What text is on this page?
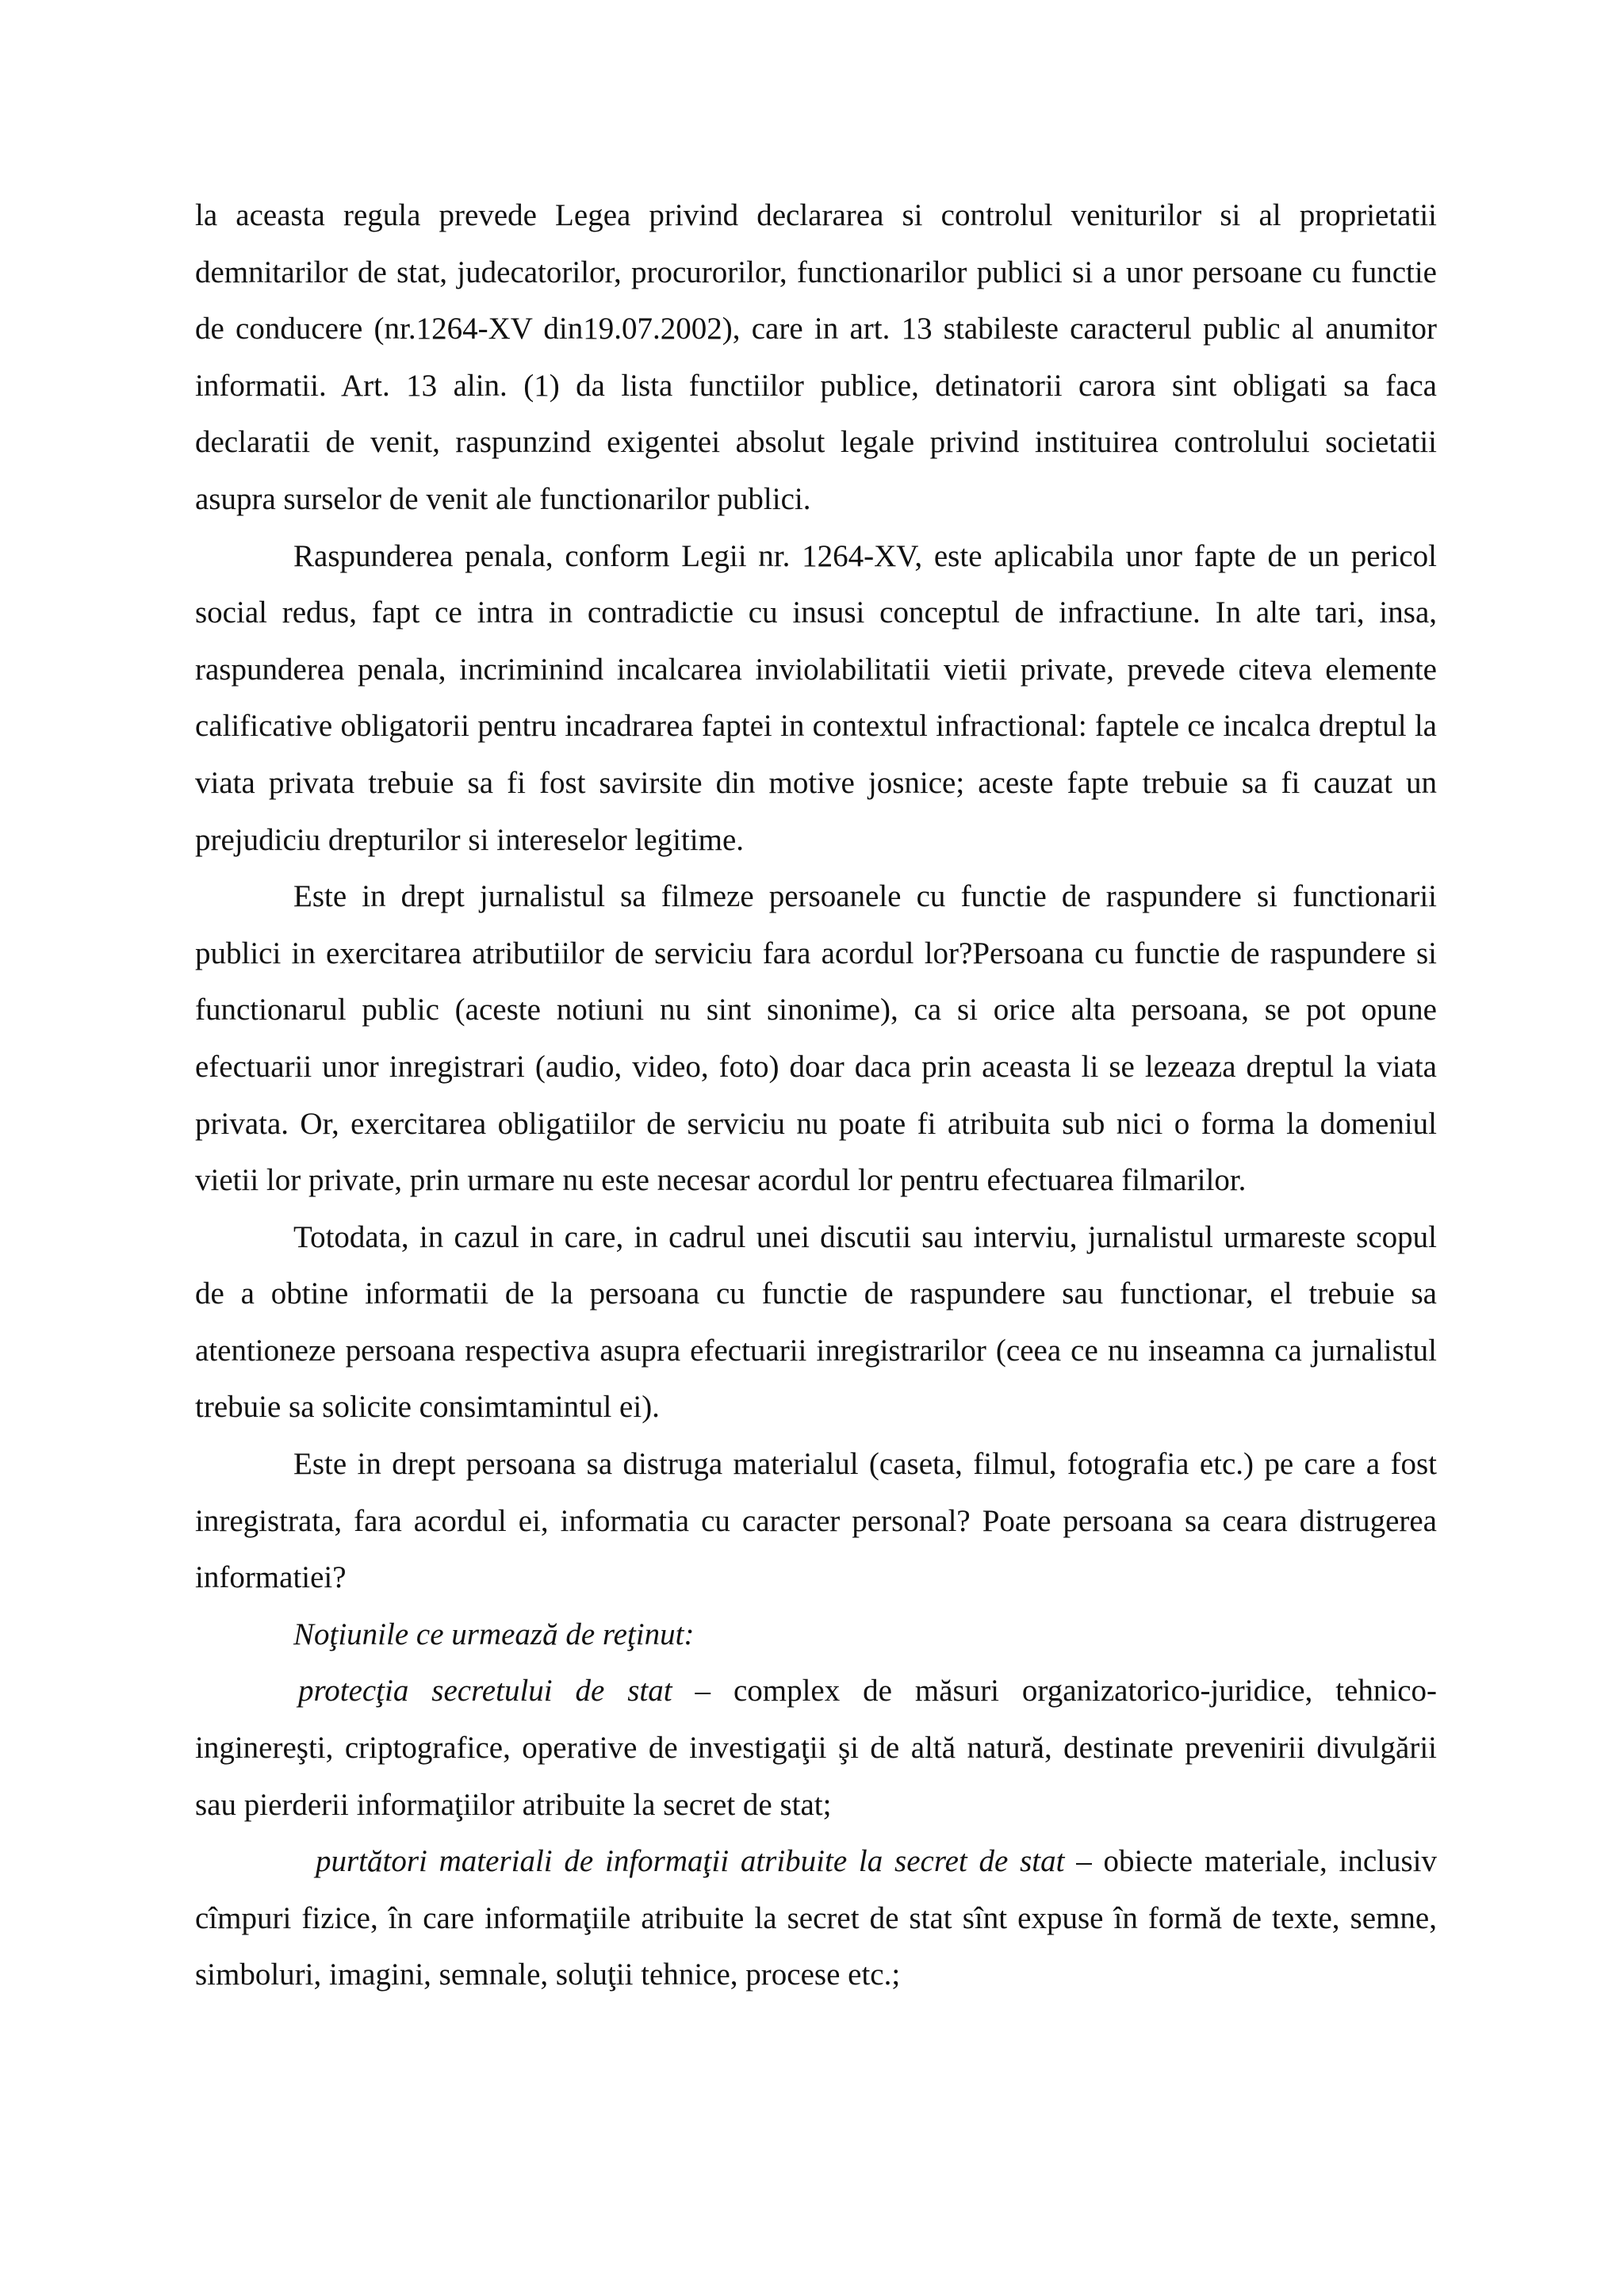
la aceasta regula prevede Legea privind declararea si controlul veniturilor si al proprietatii demnitarilor de stat, judecatorilor, procurorilor, functionarilor publici si a unor persoane cu functie de conducere (nr.1264-XV din19.07.2002), care in art. 13 stabileste caracterul public al anumitor informatii. Art. 13 alin. (1) da lista functiilor publice, detinatorii carora sint obligati sa faca declaratii de venit, raspunzind exigentei absolut legale privind instituirea controlului societatii asupra surselor de venit ale functionarilor publici.

Raspunderea penala, conform Legii nr. 1264-XV, este aplicabila unor fapte de un pericol social redus, fapt ce intra in contradictie cu insusi conceptul de infractiune. In alte tari, insa, raspunderea penala, incriminind incalcarea inviolabilitatii vietii private, prevede citeva elemente calificative obligatorii pentru incadrarea faptei in contextul infractional: faptele ce incalca dreptul la viata privata trebuie sa fi fost savirsite din motive josnice; aceste fapte trebuie sa fi cauzat un prejudiciu drepturilor si intereselor legitime.

Este in drept jurnalistul sa filmeze persoanele cu functie de raspundere si functionarii publici in exercitarea atributiilor de serviciu fara acordul lor?Persoana cu functie de raspundere si functionarul public (aceste notiuni nu sint sinonime), ca si orice alta persoana, se pot opune efectuarii unor inregistrari (audio, video, foto) doar daca prin aceasta li se lezeaza dreptul la viata privata. Or, exercitarea obligatiilor de serviciu nu poate fi atribuita sub nici o forma la domeniul vietii lor private, prin urmare nu este necesar acordul lor pentru efectuarea filmarilor.

Totodata, in cazul in care, in cadrul unei discutii sau interviu, jurnalistul urmareste scopul de a obtine informatii de la persoana cu functie de raspundere sau functionar, el trebuie sa atentioneze persoana respectiva asupra efectuarii inregistrarilor (ceea ce nu inseamna ca jurnalistul trebuie sa solicite consimtamintul ei).

Este in drept persoana sa distruga materialul (caseta, filmul, fotografia etc.) pe care a fost inregistrata, fara acordul ei, informatia cu caracter personal? Poate persoana sa ceara distrugerea informatiei?

Noţiunile ce urmează de reţinut:

protecţia secretului de stat – complex de măsuri organizatorico-juridice, tehnico-inginereşti, criptografice, operative de investigaţii şi de altă natură, destinate prevenirii divulgării sau pierderii informaţiilor atribuite la secret de stat;

purtători materiali de informaţii atribuite la secret de stat – obiecte materiale, inclusiv cîmpuri fizice, în care informaţiile atribuite la secret de stat sînt expuse în formă de texte, semne, simboluri, imagini, semnale, soluţii tehnice, procese etc.;
